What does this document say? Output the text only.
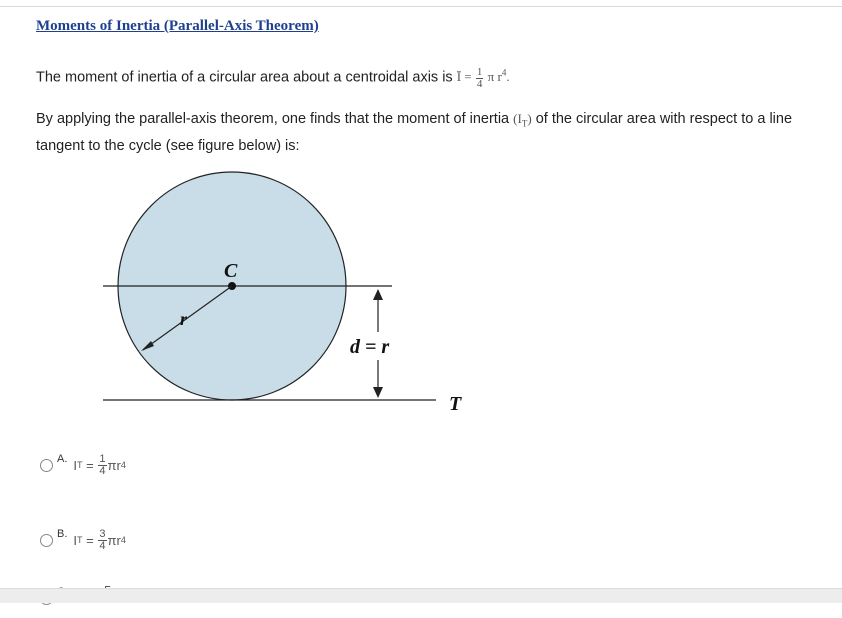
Moments of Inertia (Parallel-Axis Theorem)
The moment of inertia of a circular area about a centroidal axis is Ī = $\frac{1}{4}$ π $r^4$.
By applying the parallel-axis theorem, one finds that the moment of inertia $(I_T)$ of the circular area with respect to a line tangent to the cycle (see figure below) is:
C
r
d = r
T
A. I T
=
$\frac{1}{4}$ π r 4
B. I T
=
$\frac{3}{4}$ π r 4
